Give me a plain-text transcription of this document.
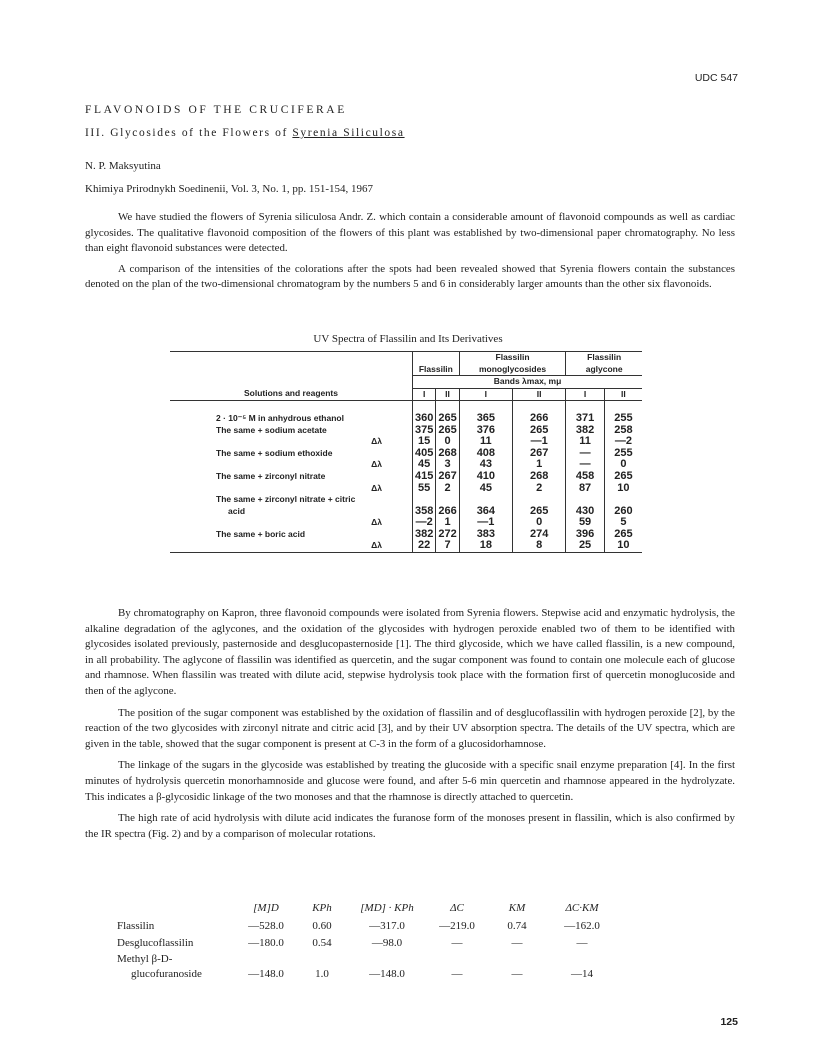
UDC 547
FLAVONOIDS OF THE CRUCIFERAE
III. Glycosides of the Flowers of Syrenia Siliculosa
N. P. Maksyutina
Khimiya Prirodnykh Soedinenii, Vol. 3, No. 1, pp. 151-154, 1967

We have studied the flowers of Syrenia siliculosa Andr. Z. which contain a considerable amount of flavonoid compounds as well as cardiac glycosides. The qualitative flavonoid composition of the flowers of this plant was established by two-dimensional paper chromatography. No less than eight flavonoid substances were detected.

A comparison of the intensities of the colorations after the spots had been revealed showed that Syrenia flowers contain the substances denoted on the plan of the two-dimensional chromatogram by the numbers 5 and 6 in considerably larger amounts than the other six flavonoids.

UV Spectra of Flassilin and Its Derivatives
	Flassilin		Flassilin monoglycosides		Flassilin aglycone	
	Bands λmax, mμ					
Solutions and reagents	I	II	I	II	I	II

2 · 10⁻⁵ M in anhydrous ethanol	360	265	365	266	371	255
The same + sodium acetate	375	265	376	265	382	258
Δλ	15	0	11	—1	11	—2
The same + sodium ethoxide	405	268	408	267	—	255
Δλ	45	3	43	1	—	0
The same + zirconyl nitrate	415	267	410	268	458	265
Δλ	55	2	45	2	87	10
The same + zirconyl nitrate + citric						
acid	358	266	364	265	430	260
Δλ	—2	1	—1	0	59	5
The same + boric acid	382	272	383	274	396	265
Δλ	22	7	18	8	25	10

By chromatography on Kapron, three flavonoid compounds were isolated from Syrenia flowers. Stepwise acid and enzymatic hydrolysis, the alkaline degradation of the aglycones, and the oxidation of the glycosides with hydrogen peroxide enabled two of them to be identified with glycosides isolated previously, pasternoside and desglucopasternoside [1]. The third glycoside, which we have called flassilin, is a new compound, in all probability. The aglycone of flassilin was identified as quercetin, and the sugar component was found to contain one molecule each of glucose and rhamnose. When flassilin was treated with dilute acid, stepwise hydrolysis took place with the formation first of quercetin monoglucoside and then of the aglycone.

The position of the sugar component was established by the oxidation of flassilin and of desglucoflassilin with hydrogen peroxide [2], by the reaction of the two glycosides with zirconyl nitrate and citric acid [3], and by their UV absorption spectra. The details of the UV spectra, which are given in the table, showed that the sugar component is present at C-3 in the form of a glucosidorhamnose.

The linkage of the sugars in the glycoside was established by treating the glucoside with a specific snail enzyme preparation [4]. In the first minutes of hydrolysis quercetin monorhamnoside and glucose were found, and after 5-6 min quercetin and rhamnose appeared in the hydrolyzate. This indicates a β-glycosidic linkage of the two monoses and that the rhamnose is directly attached to quercetin.

The high rate of acid hydrolysis with dilute acid indicates the furanose form of the monoses present in flassilin, which is also confirmed by the IR spectra (Fig. 2) and by a comparison of molecular rotations.

	[M]D	KPh	[MD] · KPh	ΔC	KM	ΔC·KM
Flassilin	—528.0	0.60	—317.0	—219.0	0.74	—162.0
Desglucoflassilin	—180.0	0.54	—98.0	—	—	—
Methyl β-D-						
glucofuranoside	—148.0	1.0	—148.0	—	—	—14
125
